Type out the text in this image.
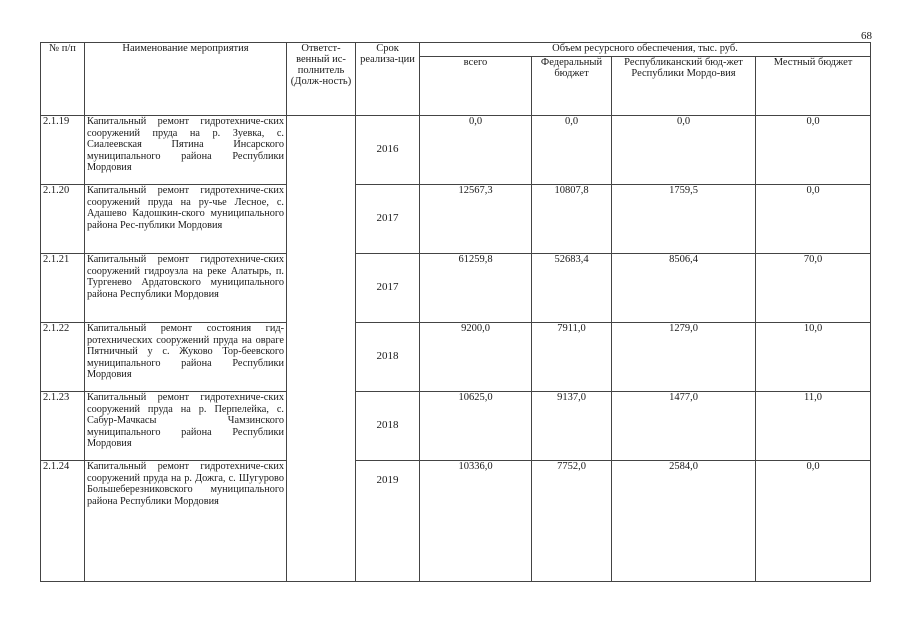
68
№ п/п	Наименование мероприятия	Ответст-венный ис-полнитель (Долж-ность)	Срок реализа-ции	Объем ресурсного обеспечения, тыс. руб.			
				всего	Федеральный бюджет	Республиканский бюд-жет Республики Мордо-вия	Местный бюджет
2.1.19	Капитальный ремонт гидротехниче-ских сооружений пруда на р. Зуевка, с. Сиалеевская Пятина Инсарского муниципального района Республики Мордовия		2016	0,0	0,0	0,0	0,0
2.1.20	Капитальный ремонт гидротехниче-ских сооружений пруда на ру-чье Лесное, с. Адашево Кадошкин-ского муниципального района Рес-публики Мордовия		2017	12567,3	10807,8	1759,5	0,0
2.1.21	Капитальный ремонт гидротехниче-ских сооружений гидроузла на реке Алатырь, п. Тургенево Ардатовского муниципального района Республики Мордовия		2017	61259,8	52683,4	8506,4	70,0
2.1.22	Капитальный ремонт состояния гид-ротехнических сооружений пруда на овраге Пятничный у с. Жуково Тор-беевского муниципального района Республики Мордовия		2018	9200,0	7911,0	1279,0	10,0
2.1.23	Капитальный ремонт гидротехниче-ских сооружений пруда на р. Перпелейка, с. Сабур-Мачкасы Чамзинского муниципального района Республики Мордовия		2018	10625,0	9137,0	1477,0	11,0
2.1.24	Капитальный ремонт гидротехниче-ских сооружений пруда на р. Дожга, с. Шугурово Большеберезниковского муниципального района Республики Мордовия		2019	10336,0	7752,0	2584,0	0,0
